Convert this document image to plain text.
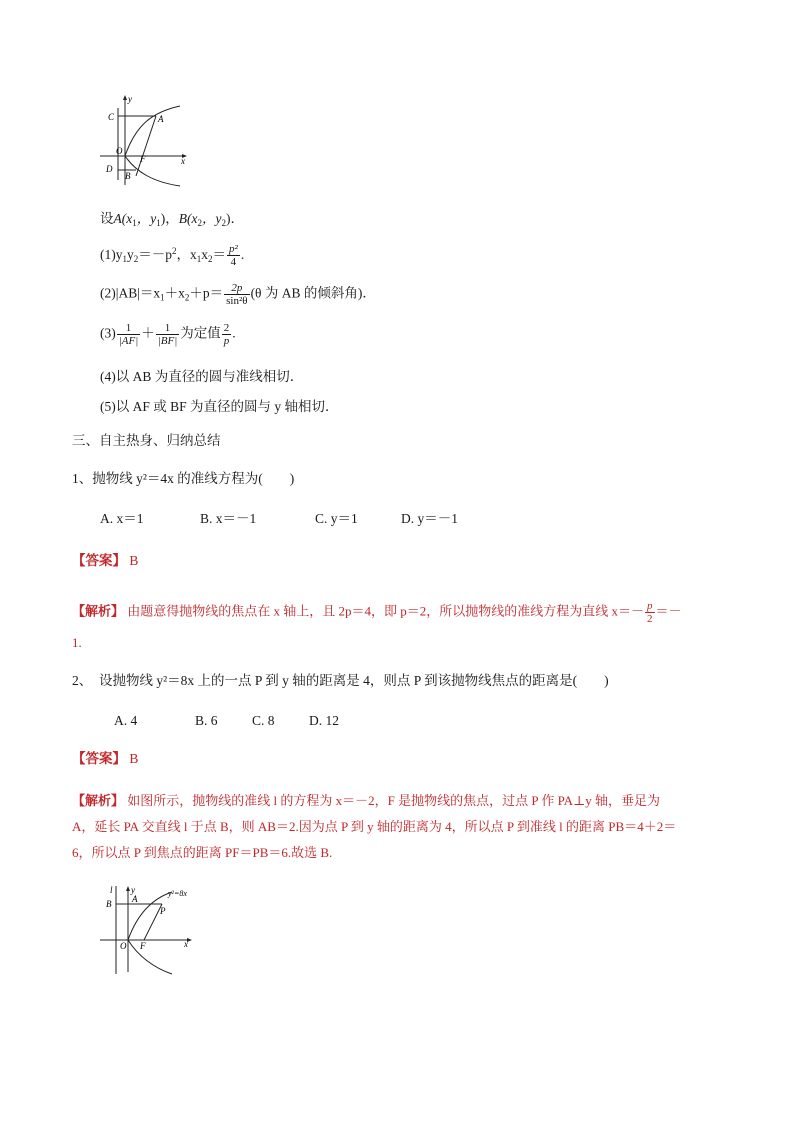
y
C	A
O
F	x
D
B
设$A(x_1$，$y_1$)，$B(x_2$，$y_2$)．
$(1)y_1y_2=-p^2$，$x_1x_2= \frac{\text{p²}}{4}$ .
$(2)|AB|=x_1+x_2+p= \frac{2p}{\text{sin²θ}} (\theta$ 为 AB 的倾斜角)．
$(3) \frac{1}{|AF|} + \frac{1}{|BF|}$ 为定值 $\frac{2}{p}$ .
(4)以 AB 为直径的圆与准线相切．
(5)以 AF 或 BF 为直径的圆与 y 轴相切．
三、自主热身、归纳总结
1、抛物线 y²＝4x 的准线方程为(　　)
A. x＝1	B. x＝－1	C. y＝1	D. y＝－1
【答案】 B
【解析】 由题意得抛物线的焦点在 x 轴上，且 2p＝4，即 p＝2，所以抛物线的准线方程为直线 $x=- \frac{p}{2}$ ＝－
1.
2、　设抛物线 y²＝8x 上的一点 P 到 y 轴的距离是 4，则点 P 到该抛物线焦点的距离是(　　)
A. 4	B. 6	C. 8	D. 12
【答案】 B
【解析】 如图所示，抛物线的准线 l 的方程为 x＝－2，F 是抛物线的焦点，过点 P 作 PA⊥y 轴，垂足为
A，延长 PA 交直线 l 于点 B，则 AB＝2.因为点 P 到 y 轴的距离为 4，所以点 P 到准线 l 的距离 PB＝4＋2＝
6，所以点 P 到焦点的距离 PF＝PB＝6.故选 B.
l y	y²=8x
B A
P
O F	x
